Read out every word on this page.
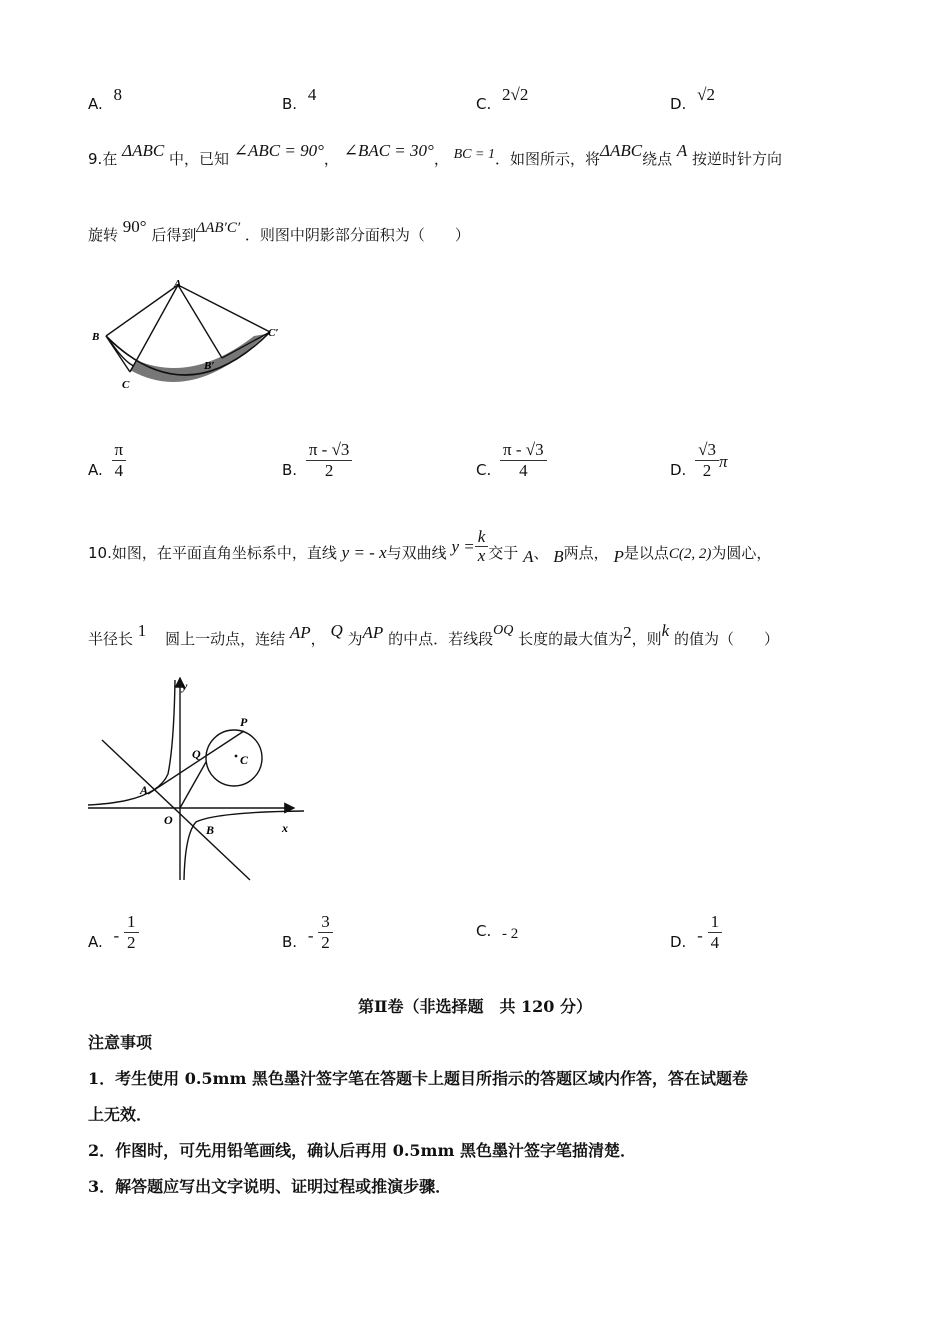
A. 8	B. 4	C. 2√2	D. √2
9.在 ΔABC 中，已知 ∠ABC = 90°， ∠BAC = 30°， BC = 1．如图所示，将ΔABC绕点 A 按逆时针方向
旋转 90° 后得到ΔAB′C′ ．则图中阴影部分面积为（　　）
A
B
C
B′
C′
A. $\frac{\pi}{4}$	B. $\frac{\pi - √3}{2}$	C. $\frac{\pi - √3}{4}$	D. $\frac{√3}{2}$ π
10.如图，在平面直角坐标系中，直线 y = - x与双曲线 $y = \frac{k}{x}$ 交于 A、 B两点， P是以点C(2, 2)为圆心，
半径长 1 圆上一动点，连结 AP， Q 为AP 的中点．若线段OQ 长度的最大值为2，则k 的值为（　　）
y
x
O
A
B
P
Q	C
A. - $\frac{1}{2}$	B. - $\frac{3}{2}$	C. - 2	D. - $\frac{1}{4}$
第Ⅱ卷（非选择题　共 120 分）
注意事项
1．考生使用 0.5mm 黑色墨汁签字笔在答题卡上题目所指示的答题区域内作答，答在试题卷
上无效．
2．作图时，可先用铅笔画线，确认后再用 0.5mm 黑色墨汁签字笔描清楚．
3．解答题应写出文字说明、证明过程或推演步骤．
